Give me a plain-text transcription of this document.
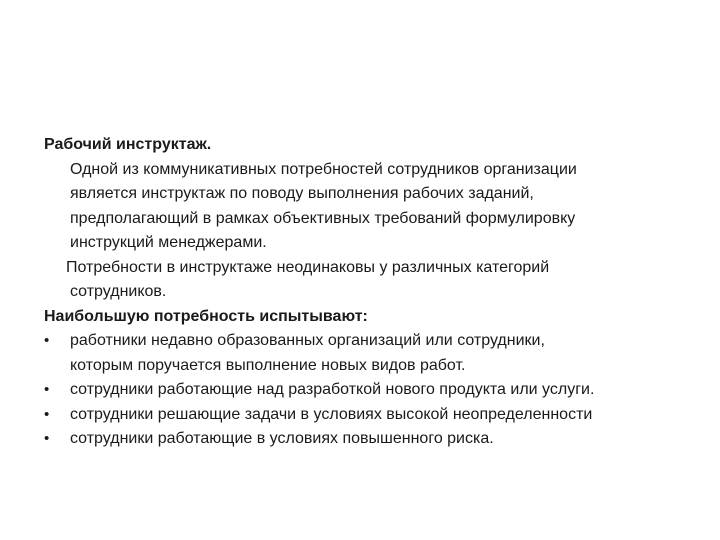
Рабочий инструктаж.
Одной из коммуникативных потребностей сотрудников организации
является инструктаж по поводу выполнения рабочих заданий,
предполагающий в рамках объективных требований формулировку
инструкций менеджерами.
Потребности в инструктаже неодинаковы у различных категорий
сотрудников.
Наибольшую потребность испытывают:
•	работники недавно образованных организаций или сотрудники,
которым поручается выполнение новых видов работ.
•	сотрудники работающие над разработкой нового продукта или услуги.
•	сотрудники решающие задачи в условиях высокой неопределенности
•	сотрудники работающие в условиях повышенного риска.
